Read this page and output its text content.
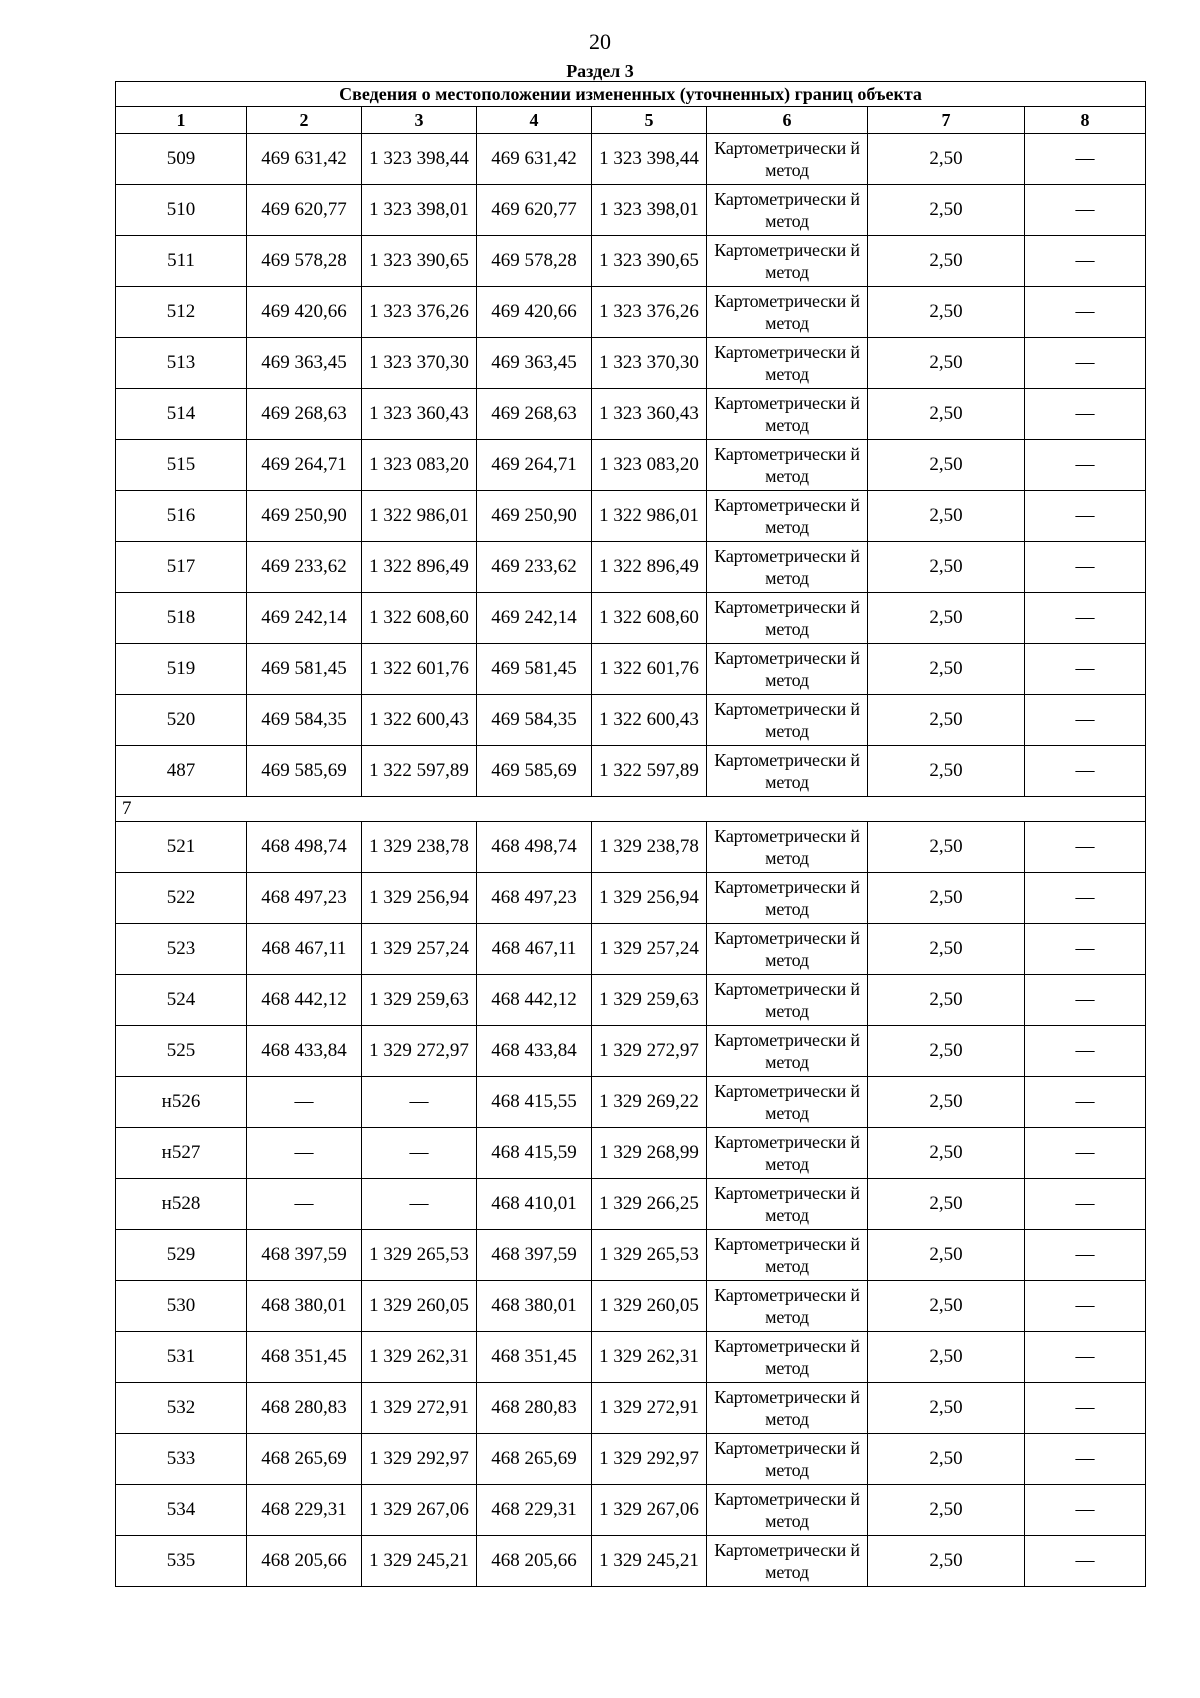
20
Раздел 3
Сведения о местоположении измененных (уточненных) границ объекта							
1	2	3	4	5	6	7	8
509	469 631,42	1 323 398,44	469 631,42	1 323 398,44	Картометрически й метод	2,50	—
510	469 620,77	1 323 398,01	469 620,77	1 323 398,01	Картометрически й метод	2,50	—
511	469 578,28	1 323 390,65	469 578,28	1 323 390,65	Картометрически й метод	2,50	—
512	469 420,66	1 323 376,26	469 420,66	1 323 376,26	Картометрически й метод	2,50	—
513	469 363,45	1 323 370,30	469 363,45	1 323 370,30	Картометрически й метод	2,50	—
514	469 268,63	1 323 360,43	469 268,63	1 323 360,43	Картометрически й метод	2,50	—
515	469 264,71	1 323 083,20	469 264,71	1 323 083,20	Картометрически й метод	2,50	—
516	469 250,90	1 322 986,01	469 250,90	1 322 986,01	Картометрически й метод	2,50	—
517	469 233,62	1 322 896,49	469 233,62	1 322 896,49	Картометрически й метод	2,50	—
518	469 242,14	1 322 608,60	469 242,14	1 322 608,60	Картометрически й метод	2,50	—
519	469 581,45	1 322 601,76	469 581,45	1 322 601,76	Картометрически й метод	2,50	—
520	469 584,35	1 322 600,43	469 584,35	1 322 600,43	Картометрически й метод	2,50	—
487	469 585,69	1 322 597,89	469 585,69	1 322 597,89	Картометрически й метод	2,50	—
7							
521	468 498,74	1 329 238,78	468 498,74	1 329 238,78	Картометрически й метод	2,50	—
522	468 497,23	1 329 256,94	468 497,23	1 329 256,94	Картометрически й метод	2,50	—
523	468 467,11	1 329 257,24	468 467,11	1 329 257,24	Картометрически й метод	2,50	—
524	468 442,12	1 329 259,63	468 442,12	1 329 259,63	Картометрически й метод	2,50	—
525	468 433,84	1 329 272,97	468 433,84	1 329 272,97	Картометрически й метод	2,50	—
н526	—	—	468 415,55	1 329 269,22	Картометрически й метод	2,50	—
н527	—	—	468 415,59	1 329 268,99	Картометрически й метод	2,50	—
н528	—	—	468 410,01	1 329 266,25	Картометрически й метод	2,50	—
529	468 397,59	1 329 265,53	468 397,59	1 329 265,53	Картометрически й метод	2,50	—
530	468 380,01	1 329 260,05	468 380,01	1 329 260,05	Картометрически й метод	2,50	—
531	468 351,45	1 329 262,31	468 351,45	1 329 262,31	Картометрически й метод	2,50	—
532	468 280,83	1 329 272,91	468 280,83	1 329 272,91	Картометрически й метод	2,50	—
533	468 265,69	1 329 292,97	468 265,69	1 329 292,97	Картометрически й метод	2,50	—
534	468 229,31	1 329 267,06	468 229,31	1 329 267,06	Картометрически й метод	2,50	—
535	468 205,66	1 329 245,21	468 205,66	1 329 245,21	Картометрически й метод	2,50	—
